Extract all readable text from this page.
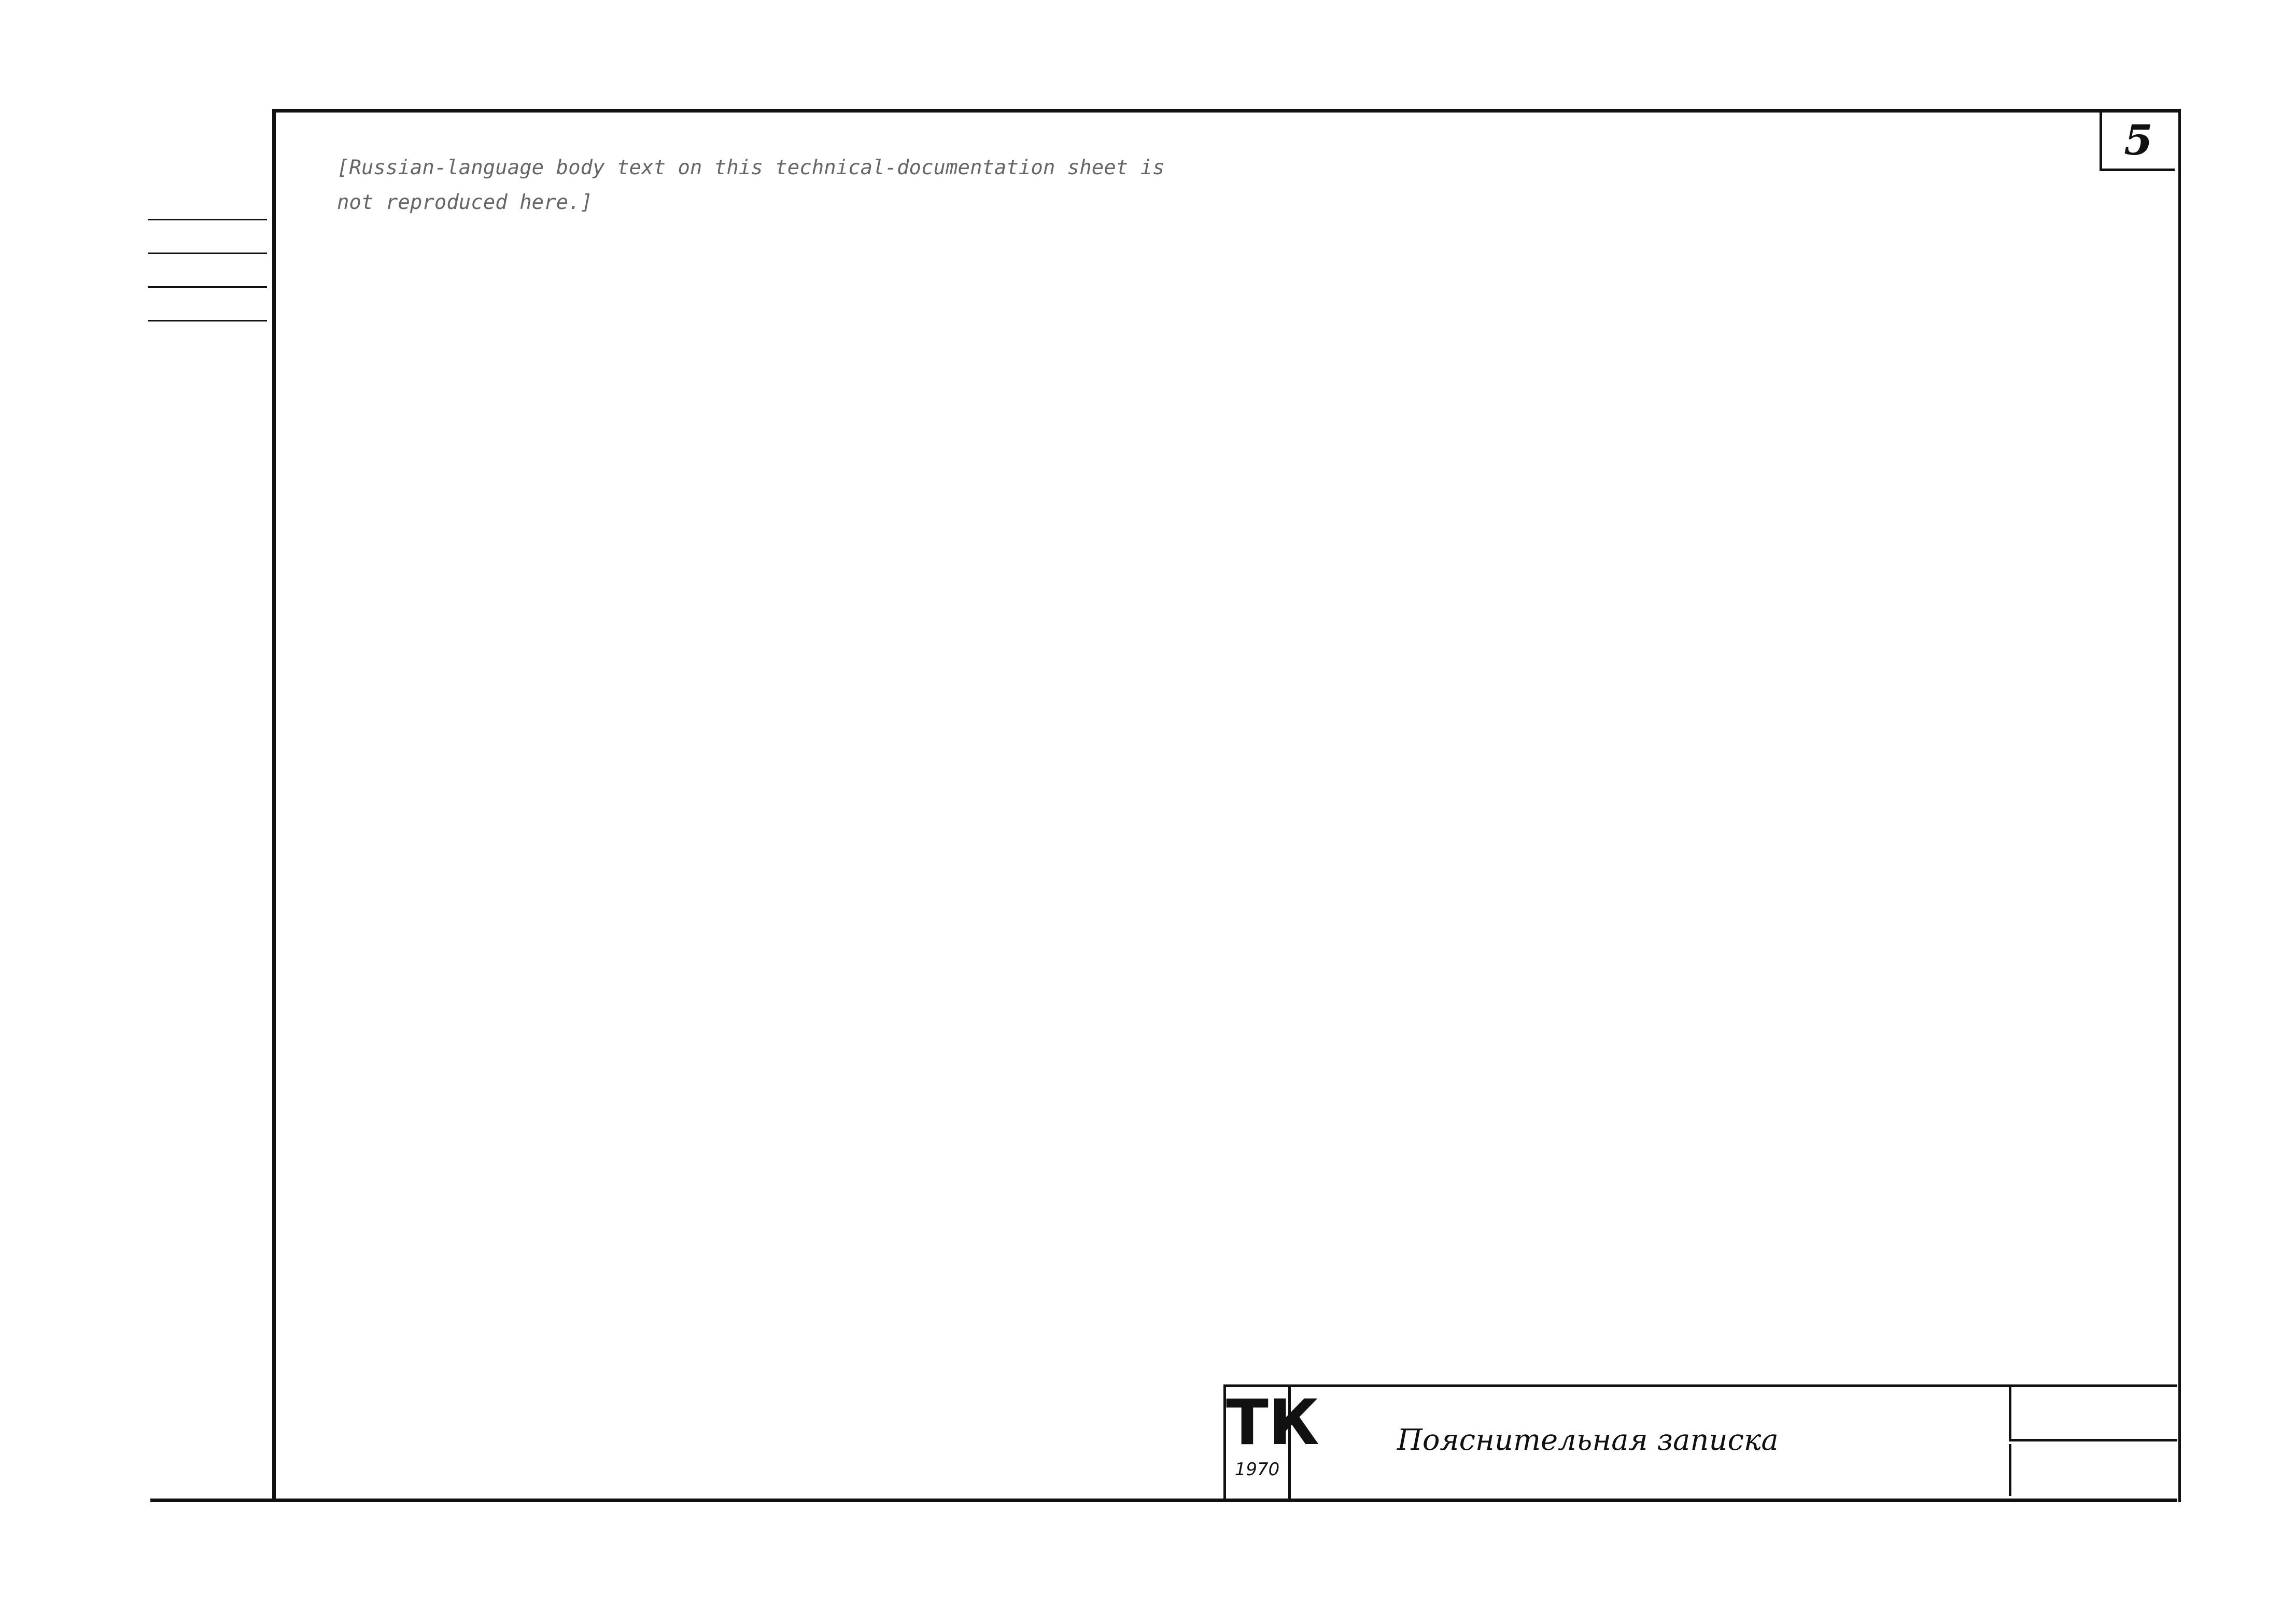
5

[Russian-language body text on this technical-documentation sheet is not reproduced here.]

ТК
1970
Пояснительная записка
